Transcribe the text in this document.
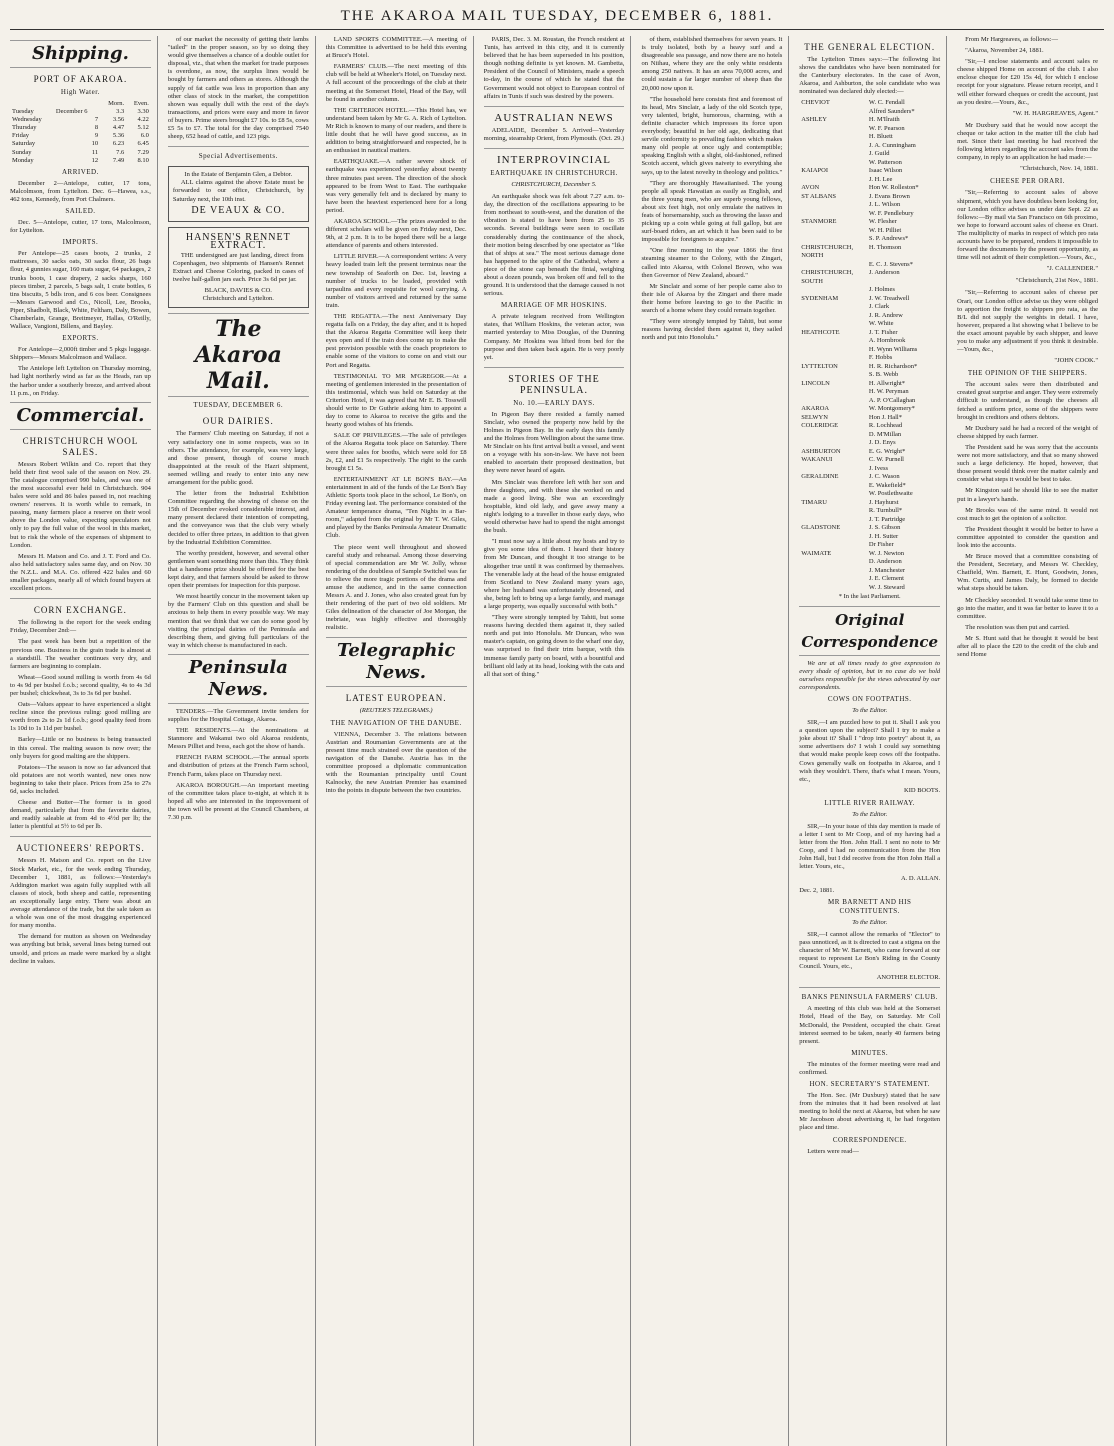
THE AKAROA MAIL TUESDAY, DECEMBER 6, 1881.
Shipping.
PORT OF AKAROA.
High Water.
		Morn.	Even.
Tuesday	December 6	3.3	3.30
Wednesday	7	3.56	4.22
Thursday	8	4.47	5.12
Friday	9	5.36	6.0
Saturday	10	6.23	6.45
Sunday	11	7.6	7.29
Monday	12	7.49	8.10
ARRIVED.

December 2—Antelope, cutter, 17 tons, Malcolmson, from Lyttelton. Dec. 6—Hawea, s.s., 462 tons, Kennedy, from Port Chalmers.

SAILED.

Dec. 5—Antelope, cutter, 17 tons, Malcolmson, for Lyttelton.

IMPORTS.

Per Antelope—25 cases boots, 2 trunks, 2 mattresses, 30 sacks oats, 30 sacks flour, 26 bags flour, 4 gunnies sugar, 160 mats sugar, 64 packages, 2 trunks boots, 1 case drapery, 2 sacks sharps, 160 pieces timber, 2 parcels, 5 bags salt, 1 crate bottles, 6 tins biscuits, 5 bdls iron, and 6 cos beer. Consignees—Messrs Garwood and Co., Nicoll, Lee, Brooks, Piper, Shadbolt, Black, White, Feltham, Daly, Bowen, Chamberlain, Grange, Breitmeyer, Hallas, O'Reilly, Wallace, Vangioni, Billens, and Bayley.

EXPORTS.

For Antelope—2,000ft timber and 5 pkgs luggage. Shippers—Messrs Malcolmson and Wallace.

The Antelope left Lyttelton on Thursday morning, had light northerly wind as far as the Heads, ran up the harbor under a southerly breeze, and arrived about 11 p.m., on Friday.

Commercial.
CHRISTCHURCH WOOL SALES.

Messrs Robert Wilkin and Co. report that they held their first wool sale of the season on Nov. 29. The catalogue comprised 990 bales, and was one of the most successful ever held in Christchurch. 904 bales were sold and 86 bales passed in, not reaching owners' reserves. It is worth while to remark, in passing, many farmers place a reserve on their wool above the London value, expecting speculators not only to pay the full value of the wool in this market, but to risk the whole of the expenses of shipment to London.

Messrs H. Matson and Co. and J. T. Ford and Co. also held satisfactory sales same day, and on Nov. 30 the N.Z.L. and M.A. Co. offered 422 bales and 60 smaller packages, nearly all of which found buyers at excellent prices.

CORN EXCHANGE.

The following is the report for the week ending Friday, December 2nd:—

The past week has been but a repetition of the previous one. Business in the grain trade is almost at a standstill. The weather continues very dry, and farmers are beginning to complain.

Wheat—Good sound milling is worth from 4s 6d to 4s 9d per bushel f.o.b.; second quality, 4s to 4s 3d per bushel; chickwheat, 3s to 3s 6d per bushel.

Oats—Values appear to have experienced a slight recline since the previous ruling: good milling are worth from 2s to 2s 1d f.o.b.; good quality feed from 1s 10d to 1s 11d per bushel.

Barley—Little or no business is being transacted in this cereal. The malting season is now over; the only buyers for good malting are the shippers.

Potatoes—The season is now so far advanced that old potatoes are not worth wanted, new ones now beginning to take their place. Prices from 25s to 27s 6d, sacks included.

Cheese and Butter—The former is in good demand, particularly that from the favorite dairies, and readily saleable at from 4d to 4½d per lb; the latter is plentiful at 5½ to 6d per lb.

AUCTIONEERS' REPORTS.

Messrs H. Matson and Co. report on the Live Stock Market, etc., for the week ending Thursday, December 1, 1881, as follows:—Yesterday's Addington market was again fully supplied with all classes of stock, both sheep and cattle, representing an exceptionally large entry. There was about an average attendance of the trade, but the sale taken as a whole was one of the most dragging experienced for many months.

The demand for mutton as shown on Wednesday was anything but brisk, several lines being turned out unsold, and prices as made were marked by a slight decline in values.

of our market the necessity of getting their lambs "tailed" in the proper season, so by so doing they would give themselves a chance of a double outlet for disposal, viz., that when the market for trade purposes is overdone, as now, the surplus lines would be bought by farmers and others as stores. Although the supply of fat cattle was less in proportion than any other class of stock in the market, the competition shown was equally dull with the rest of the day's transactions, and prices were easy and more in favor of buyers. Prime steers brought £7 10s. to £8 5s, cows £5 5s to £7. The total for the day comprised 7540 sheep, 652 head of cattle, and 123 pigs.

Special Advertisements.
In the Estate of Benjamin Glen, a Debtor.

ALL claims against the above Estate must be forwarded to our office, Christchurch, by Saturday next, the 10th inst.

DE VEAUX & CO.
HANSEN'S RENNET EXTRACT.

THE undersigned are just landing, direct from Copenhagen, two shipments of Hansen's Rennet Extract and Cheese Coloring, packed in cases of twelve half-gallon jars each. Price 3s 6d per jar.

BLACK, DAVIES & CO.
Christchurch and Lyttelton.
The Akaroa Mail.
TUESDAY, DECEMBER 6.
OUR DAIRIES.

The Farmers' Club meeting on Saturday, if not a very satisfactory one in some respects, was so in others. The attendance, for example, was very large, and those present, though of course much disappointed at the result of the Hazri shipment, seemed willing and ready to enter into any new arrangement for the public good.

The letter from the Industrial Exhibition Committee regarding the showing of cheese on the 15th of December evoked considerable interest, and many present declared their intention of competing, and the conveyance was that the club very wisely decided to offer three prizes, in addition to that given by the Industrial Exhibition Committee.

The worthy president, however, and several other gentlemen want something more than this. They think that a handsome prize should be offered for the best kept dairy, and that farmers should be asked to throw open their premises for inspection for this purpose.

We most heartily concur in the movement taken up by the Farmers' Club on this question and shall be anxious to help them in every possible way. We may mention that we think that we can do some good by visiting the principal dairies of the Peninsula and describing them, and giving full particulars of the way in which cheese is manufactured in each.

Peninsula News.

TENDERS.—The Government invite tenders for supplies for the Hospital Cottage, Akaroa.

THE RESIDENTS.—At the nominations at Stanmore and Wakanui two old Akaroa residents, Messrs Pilliet and Ivess, each got the show of hands.

FRENCH FARM SCHOOL.—The annual sports and distribution of prizes at the French Farm school, French Farm, takes place on Thursday next.

AKAROA BOROUGH.—An important meeting of the committee takes place to-night, at which it is hoped all who are interested in the improvement of the town will be present at the Council Chambers, at 7.30 p.m.

LAND SPORTS COMMITTEE.—A meeting of this Committee is advertised to be held this evening at Bruce's Hotel.

FARMERS' CLUB.—The next meeting of this club will be held at Wheeler's Hotel, on Tuesday next. A full account of the proceedings of the club at their meeting at the Somerset Hotel, Head of the Bay, will be found in another column.

THE CRITERION HOTEL.—This Hotel has, we understand been taken by Mr G. A. Rich of Lyttelton. Mr Rich is known to many of our readers, and there is little doubt that he will have good success, as in addition to being straightforward and respected, he is an enthusiast in nautical matters.

EARTHQUAKE.—A rather severe shock of earthquake was experienced yesterday about twenty three minutes past seven. The direction of the shock appeared to be from West to East. The earthquake was very generally felt and is declared by many to have been the heaviest experienced here for a long period.

AKAROA SCHOOL.—The prizes awarded to the different scholars will be given on Friday next, Dec. 9th, at 2 p.m. It is to be hoped there will be a large attendance of parents and others interested.

LITTLE RIVER.—A correspondent writes: A very heavy loaded train left the present terminus near the new township of Seaforth on Dec. 1st, leaving a number of trucks to be loaded, provided with tarpaulins and every requisite for wool carrying. A number of visitors arrived and returned by the same train.

THE REGATTA.—The next Anniversary Day regatta falls on a Friday, the day after, and it is hoped that the Akaroa Regatta Committee will keep their eyes open and if the train does come up to make the pest provision possible with the coach proprietors to enable some of the visitors to come on and visit our Port and Regatta.

TESTIMONIAL TO MR M'GREGOR.—At a meeting of gentlemen interested in the presentation of this testimonial, which was held on Saturday at the Criterion Hotel, it was agreed that Mr E. B. Tosswill should write to Dr Guthrie asking him to appoint a day to come to Akaroa to receive the gifts and the hearty good wishes of his friends.

SALE OF PRIVILEGES.—The sale of privileges of the Akaroa Regatta took place on Saturday. There were three sales for booths, which were sold for £8 2s, £2, and £1 5s respectively. The right to the cards brought £1 5s.

ENTERTAINMENT AT LE BON'S BAY.—An entertainment in aid of the funds of the Le Bon's Bay Athletic Sports took place in the school, Le Bon's, on Friday evening last. The performance consisted of the Amateur temperance drama, "Ten Nights in a Bar-room," adapted from the original by Mr T. W. Giles, and played by the Banks Peninsula Amateur Dramatic Club.

The piece went well throughout and showed careful study and rehearsal. Among those deserving of special commendation are Mr W. Jolly, whose rendering of the doubtless of Sample Switchel was far to relieve the more tragic portions of the drama and amuse the audience, and in the same connection Messrs A. and J. Jones, who also created great fun by their rendering of the part of two old soldiers. Mr Giles delineation of the character of Joe Morgan, the inebriate, was highly effective and thoroughly realistic.

Telegraphic News.
LATEST EUROPEAN.
(REUTER'S TELEGRAMS.)
THE NAVIGATION OF THE DANUBE.

VIENNA, December 3. The relations between Austrian and Roumanian Governments are at the present time much strained over the question of the navigation of the Danube. Austria has in the committee proposed a diplomatic communication with the Roumanian principality until Count Kalnocky, the new Austrian Premier has examined into the points in dispute between the two countries.

PARIS, Dec. 3. M. Roustan, the French resident at Tunis, has arrived in this city, and it is currently believed that he has been superseded in his position, though nothing definite is yet known. M. Gambetta, President of the Council of Ministers, made a speech to-day, in the course of which he stated that the Government would not object to European control of affairs in Tunis if such was desired by the powers.

AUSTRALIAN NEWS

ADELAIDE, December 5. Arrived—Yesterday morning, steamship Orient, from Plymouth. (Oct. 29.)

INTERPROVINCIAL
EARTHQUAKE IN CHRISTCHURCH.
CHRISTCHURCH, December 5.

An earthquake shock was felt about 7.27 a.m. to-day, the direction of the oscillations appearing to be from northeast to south-west, and the duration of the vibration is stated to have been from 25 to 35 seconds. Several buildings were seen to oscillate considerably during the continuance of the shock, their motion being described by one spectator as "like that of ships at sea." The most serious damage done has happened to the spire of the Cathedral, where a piece of the stone cap beneath the finial, weighing about a dozen pounds, was broken off and fell to the ground. It is understood that the damage caused is not serious.

MARRIAGE OF MR HOSKINS.

A private telegram received from Wellington states, that William Hoskins, the veteran actor, was married yesterday to Miss Douglas, of the Dunning Company. Mr Hoskins was lifted from bed for the purpose and then taken back again. He is very poorly yet.

STORIES OF THE PENINSULA.
No. 10.—EARLY DAYS.

In Pigeon Bay there resided a family named Sinclair, who owned the property now held by the Holmes in Pigeon Bay. In the early days this family and the Holmes from Wellington about the same time. Mr Sinclair on his first arrival built a vessel, and went on a voyage with his son-in-law. We have not been enabled to ascertain their proposed destination, but they were never heard of again.

Mrs Sinclair was therefore left with her son and three daughters, and with these she worked on and made a good living. She was an exceedingly hospitable, kind old lady, and gave away many a night's lodging to a traveller in those early days, who would otherwise have had to spend the night amongst the bush.

"I must now say a little about my hosts and try to give you some idea of them. I heard their history from Mr Duncan, and thought it too strange to be altogether true until it was confirmed by themselves. The venerable lady at the head of the house emigrated from Scotland to New Zealand many years ago, where her husband was unfortunately drowned, and she, being left to bring up a large family, and manage a large property, was equally successful with both."

"They were strongly tempted by Tahiti, but some reasons having decided them against it, they sailed north and put into Honolulu. Mr Duncan, who was master's captain, on going down to the wharf one day, was surprised to find their trim barque, with this immense family party on board, with a bountiful and brilliant old lady at its head, looking with the cats and all that sort of thing."

of them, established themselves for seven years. It is truly isolated, both by a heavy surf and a disagreeable sea passage, and now there are no hotels on Niihau, where they are the only white residents among 250 natives. It has an area 70,000 acres, and could sustain a far larger number of sheep than the 20,000 now upon it.

"The household here consists first and foremost of its head, Mrs Sinclair, a lady of the old Scotch type, very talented, bright, humorous, charming, with a definite character which impresses its force upon everybody; beautiful in her old age, dedicating that servile conformity to prevailing fashion which makes many old people at once ugly and contemptible; speaking English with a slight, old-fashioned, refined Scotch accent, which gives naivety to everything she says, up to the latest novelty in theology and politics."

"They are thoroughly Hawaiianised. The young people all speak Hawaiian as easily as English, and the three young men, who are superb young fellows, about six feet high, not only emulate the natives in feats of horsemanship, such as throwing the lasso and picking up a coin while going at full gallop, but are surf-board riders, an art which it has been said to be impossible for foreigners to acquire."

"One fine morning in the year 1866 the first steaming steamer to the Colony, with the Zingari, called into Akaroa, with Colonel Brown, who was then Governor of New Zealand, aboard."

Mr Sinclair and some of her people came also to their isle of Akaroa by the Zingari and there made their home before leaving to go to the Pacific in search of a home where they could remain together.

"They were strongly tempted by Tahiti, but some reasons having decided them against it, they sailed north and put into Honolulu."

THE GENERAL ELECTION.

The Lyttelton Times says:—The following list shows the candidates who have been nominated for the Canterbury electorates. In the case of Avon, Akaroa, and Ashburton, the sole candidate who was nominated was declared duly elected:—

CHEVIOT	W. C. Fendall
	Alfred Saunders*
ASHLEY	H. M'Ilraith
	W. F. Pearson
	H. Bluett
	J. A. Cunningham
	J. Guild
	W. Patterson
KAIAPOI	Isaac Wilson
	J. H. Lee
AVON	Hon W. Rolleston*
ST ALBANS	J. Evans Brown
	J. L. Wilson
	W. F. Pendlebury
STANMORE	W. Flesher
	W. H. Pilliet
	S. P. Andrews*
CHRISTCHURCH, NORTH	H. Thomson
	E. C. J. Stevens*
CHRISTCHURCH, SOUTH	J. Anderson
	J. Holmes
SYDENHAM	J. W. Treadwell
	J. Clark
	J. R. Andrew
	W. White
HEATHCOTE	J. T. Fisher
	A. Hornbrook
	H. Wynn Williams
	F. Hobbs
LYTTELTON	H. R. Richardson*
	S. B. Webb
LINCOLN	H. Allwright*
	H. W. Peryman
	A. P. O'Callaghan
AKAROA	W. Montgomery*
SELWYN	Hon J. Hall*
COLERIDGE	R. Lochhead
	D. M'Millan
	J. D. Enys
ASHBURTON	E. G. Wright*
WAKANUI	C. W. Purnell
	J. Ivess
GERALDINE	J. C. Wason
	E. Wakefield*
	W. Postlethwaite
TIMARU	J. Hayhurst
	R. Turnbull*
	J. T. Partridge
GLADSTONE	J. S. Gibson
	J. H. Sutter
	Dr Fisher
WAIMATE	W. J. Newton
	D. Anderson
	J. Manchester
	J. E. Clement
	W. J. Steward
* In the last Parliament.
Original Correspondence

We are at all times ready to give expression to every shade of opinion, but in no case do we hold ourselves responsible for the views advocated by our correspondents.

COWS ON FOOTPATHS.
To the Editor.

SIR,—I am puzzled how to put it. Shall I ask you a question upon the subject? Shall I try to make a joke about it? Shall I "drop into poetry" about it, as some advertisers do? I wish I could say something that would make people keep cows off the footpaths. Cows generally walk on footpaths in Akaroa, and I wish they wouldn't. There, that's what I mean. Yours, etc.,

KID BOOTS.
LITTLE RIVER RAILWAY.
To the Editor.

SIR,—In your issue of this day mention is made of a letter I sent to Mr Coop, and of my having had a letter from the Hon. John Hall. I sent no note to Mr Coop, and I had no communication from the Hon John Hall, but I did receive from the Hon John Hall a letter. Yours, etc.,

A. D. ALLAN.
Dec. 2, 1881.
MR BARNETT AND HIS CONSTITUENTS.
To the Editor.

SIR,—I cannot allow the remarks of "Elector" to pass unnoticed, as it is directed to cast a stigma on the character of Mr W. Barnett, who came forward at our request to represent Le Bon's Riding in the County Council. Yours, etc.,

ANOTHER ELECTOR.
BANKS PENINSULA FARMERS' CLUB.

A meeting of this club was held at the Somerset Hotel, Head of the Bay, on Saturday. Mr Coll McDonald, the President, occupied the chair. Great interest seemed to be taken, nearly 40 farmers being present.

MINUTES.

The minutes of the former meeting were read and confirmed.

HON. SECRETARY'S STATEMENT.

The Hon. Sec. (Mr Duxbury) stated that he saw from the minutes that it had been resolved at last meeting to hold the next at Akaroa, but when he saw Mr Jacobson about advertising it, he had forgotten place and time.

CORRESPONDENCE.

Letters were read—

From Mr Hargreaves, as follows:—

"Akaroa, November 24, 1881.

"Sir,—I enclose statements and account sales re cheese shipped Home on account of the club. I also enclose cheque for £20 15s 4d, for which I enclose receipt for your signature. Please return receipt, and I will either forward cheques or credit the account, just as you desire.—Yours, &c.,

"W. H. HARGREAVES, Agent."

Mr Duxbury said that he would now accept the cheque or take action in the matter till the club had met. Since their last meeting he had received the following letters regarding the account sales from the company, in reply to an application he had made:—

"Christchurch, Nov. 14, 1881.
CHEESE PER ORARI.

"Sir,—Referring to account sales of above shipment, which you have doubtless been looking for, our London office advises us under date Sept. 22 as follows:—By mail via San Francisco on 6th proximo, we hope to forward account sales of cheese ex Orari. The multiplicity of marks in respect of which pro rata accounts have to be prepared, renders it impossible to forward the documents by the present opportunity, as time will not admit of their completion.—Yours, &c.,

"J. CALLENDER."
"Christchurch, 21st Nov., 1881.

"Sir,—Referring to account sales of cheese per Orari, our London office advise us they were obliged to apportion the freight to shippers pro rata, as the B/L did not supply the weights in detail. I have, however, prepared a list showing what I believe to be the exact amount payable by each shipper, and leave you to make any adjustment if you think it desirable.—Yours, &c.,

"JOHN COOK."
THE OPINION OF THE SHIPPERS.

The account sales were then distributed and created great surprise and anger. They were extremely difficult to understand, as though the cheeses all fetched a uniform price, some of the shippers were brought in creditors and others debtors.

Mr Duxbury said he had a record of the weight of cheese shipped by each farmer.

The President said he was sorry that the accounts were not more satisfactory, and that so many showed such a large deficiency. He hoped, however, that those present would think over the matter calmly and consider what steps it would be best to take.

Mr Kingston said he should like to see the matter put in a lawyer's hands.

Mr Brooks was of the same mind. It would not cost much to get the opinion of a solicitor.

The President thought it would be better to have a committee appointed to consider the question and look into the accounts.

Mr Bruce moved that a committee consisting of the President, Secretary, and Messrs W. Checkley, Chatfield, Wm. Barnett, E. Hunt, Goodwin, Jones, Wm. Curtis, and James Daly, be formed to decide what steps should be taken.

Mr Checkley seconded. It would take some time to go into the matter, and it was far better to leave it to a committee.

The resolution was then put and carried.

Mr S. Hunt said that he thought it would be best after all to place the £20 to the credit of the club and send Home
